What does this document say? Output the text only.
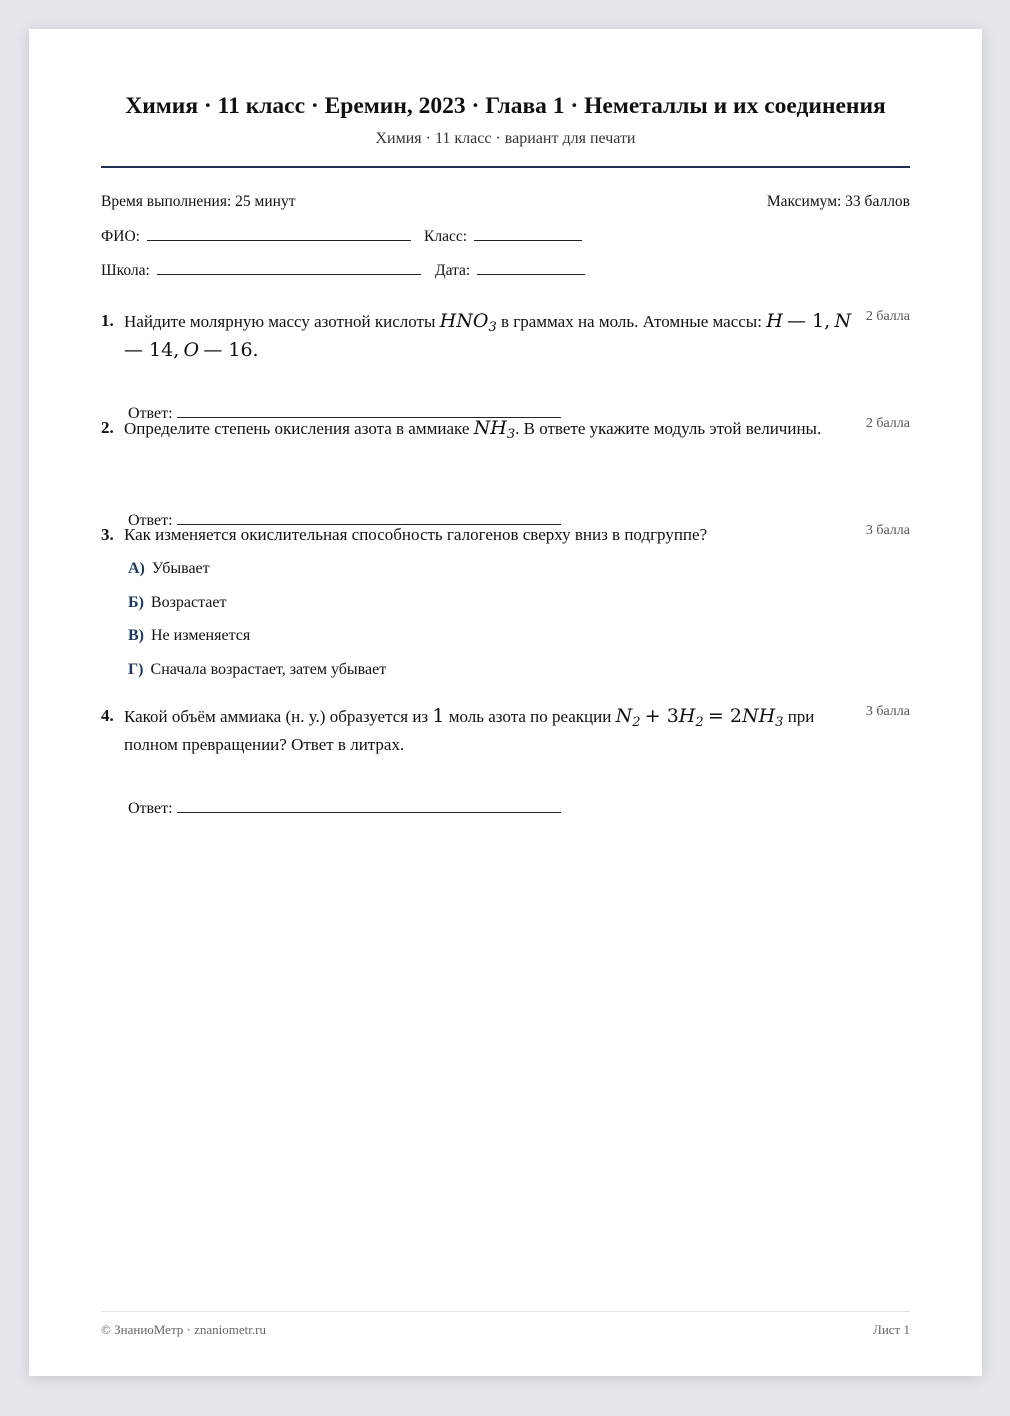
Химия · 11 класс · Еремин, 2023 · Глава 1 · Неметаллы и их соединения
Химия · 11 класс · вариант для печати
Время выполнения: 25 минут	Максимум: 33 баллов
ФИО:	Класс:
Школа:	Дата:
1. Найдите молярную массу азотной кислоты $HNO_3$ в граммах на моль. Атомные массы: H — 1, N — 14, O — 16.
2 балла
Ответ:
2. Определите степень окисления азота в аммиаке $NH_3$. В ответе укажите модуль этой величины.	2 балла
Ответ:
3. Как изменяется окислительная способность галогенов сверху вниз в подгруппе?	3 балла
А) Убывает
Б) Возрастает
В) Не изменяется
Г) Сначала возрастает, затем убывает
4. Какой объём аммиака (н. у.) образуется из 1 моль азота по реакции $N_2 + 3H_2 = 2NH_3$ при полном превращении? Ответ в литрах.
3 балла
Ответ:
© ЗнаниоМетр · znaniometr.ru	Лист 1
